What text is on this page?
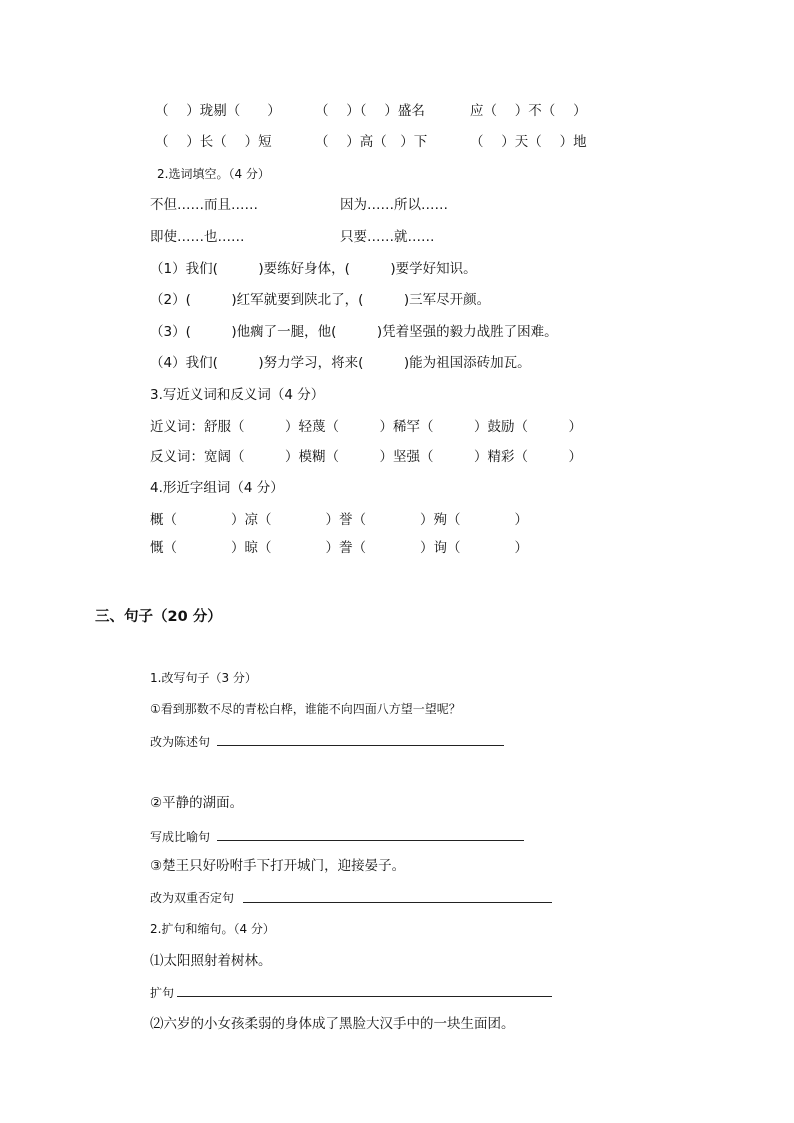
（　 ）珑剔（　　）	（　 ）（　 ）盛名	应（　 ）不（　 ）
（　 ）长（　 ）短	（　 ）高（　）下	（　 ）天（　 ）地
2.选词填空。（4 分）
不但……而且……	因为……所以……
即使……也……	只要……就……
（1）我们(　　　)要练好身体，(　　　)要学好知识。
（2）(　　　)红军就要到陕北了，(　　　)三军尽开颜。
（3）(　　　)他瘸了一腿，他(　　　)凭着坚强的毅力战胜了困难。
（4）我们(　　　)努力学习，将来(　　　)能为祖国添砖加瓦。
3.写近义词和反义词（4 分）
近义词：舒服（　　　）轻蔑（　　　）稀罕（　　　）鼓励（　　　）
反义词：宽阔（　　　）模糊（　　　）坚强（　　　）精彩（　　　）
4.形近字组词（4 分）
概（　　　　）凉（　　　　）誉（　　　　）殉（　　　　）
慨（　　　　）晾（　　　　）誊（　　　　）询（　　　　）
三、句子（20 分）
1.改写句子（3 分）
①看到那数不尽的青松白桦，谁能不向四面八方望一望呢？
改为陈述句
②平静的湖面。
写成比喻句
③楚王只好吩咐手下打开城门，迎接晏子。
改为双重否定句
2.扩句和缩句。（4 分）
⑴太阳照射着树林。
扩句
⑵六岁的小女孩柔弱的身体成了黑脸大汉手中的一块生面团。
